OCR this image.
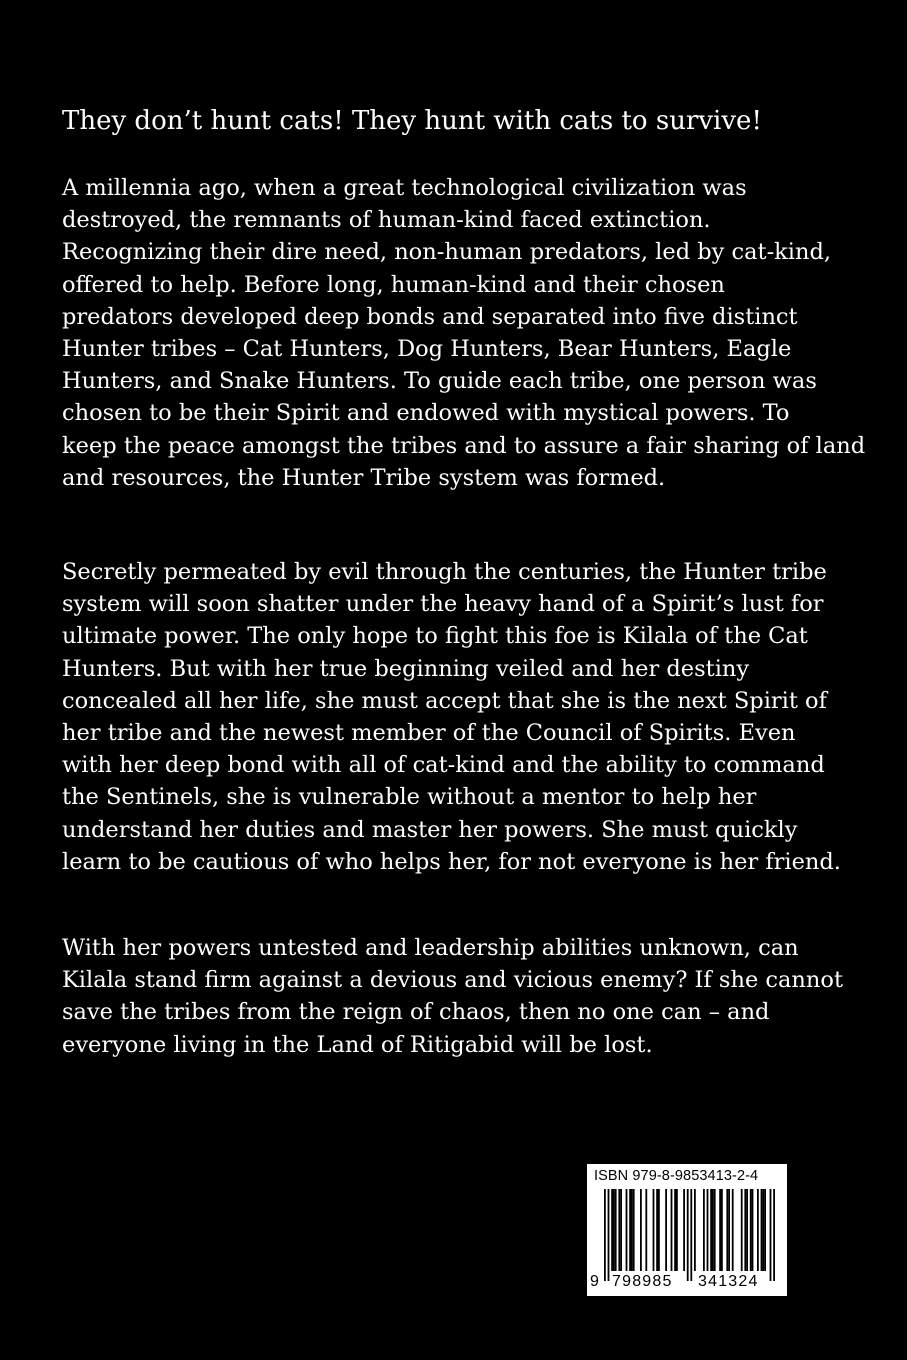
They don’t hunt cats! They hunt with cats to survive!
A millennia ago, when a great technological civilization was
destroyed, the remnants of human-kind faced extinction.
Recognizing their dire need, non-human predators, led by cat-kind,
offered to help. Before long, human-kind and their chosen
predators developed deep bonds and separated into five distinct
Hunter tribes – Cat Hunters, Dog Hunters, Bear Hunters, Eagle
Hunters, and Snake Hunters. To guide each tribe, one person was
chosen to be their Spirit and endowed with mystical powers. To
keep the peace amongst the tribes and to assure a fair sharing of land
and resources, the Hunter Tribe system was formed.
Secretly permeated by evil through the centuries, the Hunter tribe
system will soon shatter under the heavy hand of a Spirit’s lust for
ultimate power. The only hope to fight this foe is Kilala of the Cat
Hunters. But with her true beginning veiled and her destiny
concealed all her life, she must accept that she is the next Spirit of
her tribe and the newest member of the Council of Spirits. Even
with her deep bond with all of cat-kind and the ability to command
the Sentinels, she is vulnerable without a mentor to help her
understand her duties and master her powers. She must quickly
learn to be cautious of who helps her, for not everyone is her friend.
With her powers untested and leadership abilities unknown, can
Kilala stand firm against a devious and vicious enemy? If she cannot
save the tribes from the reign of chaos, then no one can – and
everyone living in the Land of Ritigabid will be lost.
ISBN 979-8-9853413-2-4
9 798985 341324
